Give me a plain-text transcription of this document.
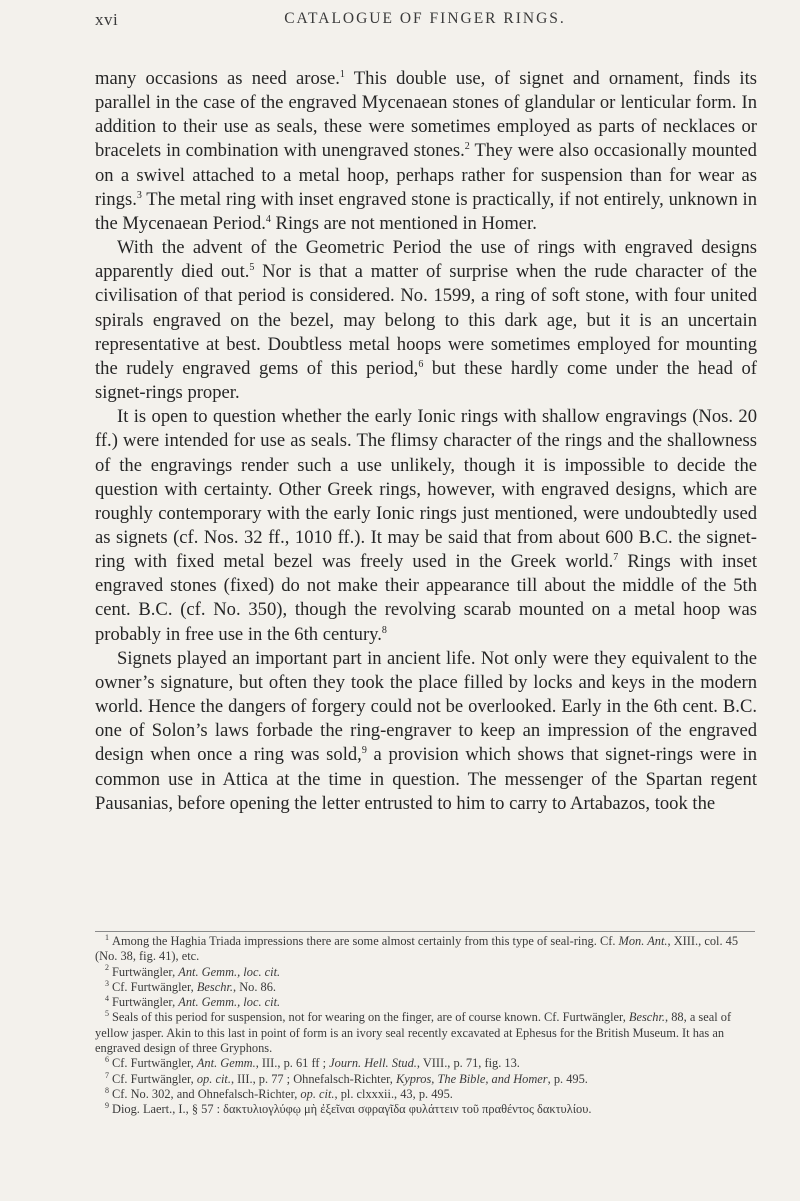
xvi	CATALOGUE OF FINGER RINGS.

many occasions as need arose.$^1$ This double use, of signet and ornament, finds its parallel in the case of the engraved Mycenaean stones of glandular or lenticular form. In addition to their use as seals, these were sometimes employed as parts of necklaces or bracelets in combination with unengraved stones.$^2$ They were also occasionally mounted on a swivel attached to a metal hoop, perhaps rather for suspension than for wear as rings.$^3$ The metal ring with inset engraved stone is practically, if not entirely, unknown in the Mycenaean Period.$^4$ Rings are not mentioned in Homer.

With the advent of the Geometric Period the use of rings with engraved designs apparently died out.$^5$ Nor is that a matter of surprise when the rude character of the civilisation of that period is considered. No. 1599, a ring of soft stone, with four united spirals engraved on the bezel, may belong to this dark age, but it is an uncertain representative at best. Doubtless metal hoops were sometimes employed for mounting the rudely engraved gems of this period,$^6$ but these hardly come under the head of signet-rings proper.

It is open to question whether the early Ionic rings with shallow engravings (Nos. 20 ff.) were intended for use as seals. The flimsy character of the rings and the shallowness of the engravings render such a use unlikely, though it is impossible to decide the question with certainty. Other Greek rings, however, with engraved designs, which are roughly contemporary with the early Ionic rings just mentioned, were undoubtedly used as signets (cf. Nos. 32 ff., 1010 ff.). It may be said that from about 600 B.C. the signet-ring with fixed metal bezel was freely used in the Greek world.$^7$ Rings with inset engraved stones (fixed) do not make their appearance till about the middle of the 5th cent. B.C. (cf. No. 350), though the revolving scarab mounted on a metal hoop was probably in free use in the 6th century.$^8$

Signets played an important part in ancient life. Not only were they equivalent to the owner’s signature, but often they took the place filled by locks and keys in the modern world. Hence the dangers of forgery could not be overlooked. Early in the 6th cent. B.C. one of Solon’s laws forbade the ring-engraver to keep an impression of the engraved design when once a ring was sold,$^9$ a provision which shows that signet-rings were in common use in Attica at the time in question. The messenger of the Spartan regent Pausanias, before opening the letter entrusted to him to carry to Artabazos, took the

$^1$ Among the Haghia Triada impressions there are some almost certainly from this type of seal-ring. Cf. Mon. Ant., XIII., col. 45 (No. 38, fig. 41), etc.

$^2$ Furtwängler, Ant. Gemm., loc. cit.

$^3$ Cf. Furtwängler, Beschr., No. 86.

$^4$ Furtwängler, Ant. Gemm., loc. cit.

$^5$ Seals of this period for suspension, not for wearing on the finger, are of course known. Cf. Furtwängler, Beschr., 88, a seal of yellow jasper. Akin to this last in point of form is an ivory seal recently excavated at Ephesus for the British Museum. It has an engraved design of three Gryphons.

$^6$ Cf. Furtwängler, Ant. Gemm., III., p. 61 ff ; Journ. Hell. Stud., VIII., p. 71, fig. 13.

$^7$ Cf. Furtwängler, op. cit., III., p. 77 ; Ohnefalsch-Richter, Kypros, The Bible, and Homer, p. 495.

$^8$ Cf. No. 302, and Ohnefalsch-Richter, op. cit., pl. clxxxii., 43, p. 495.

$^9$ Diog. Laert., I., § 57 : δακτυλιογλύφῳ μὴ ἐξεῖναι σφραγῖδα φυλάττειν τοῦ πραθέντος δακτυλίου.
